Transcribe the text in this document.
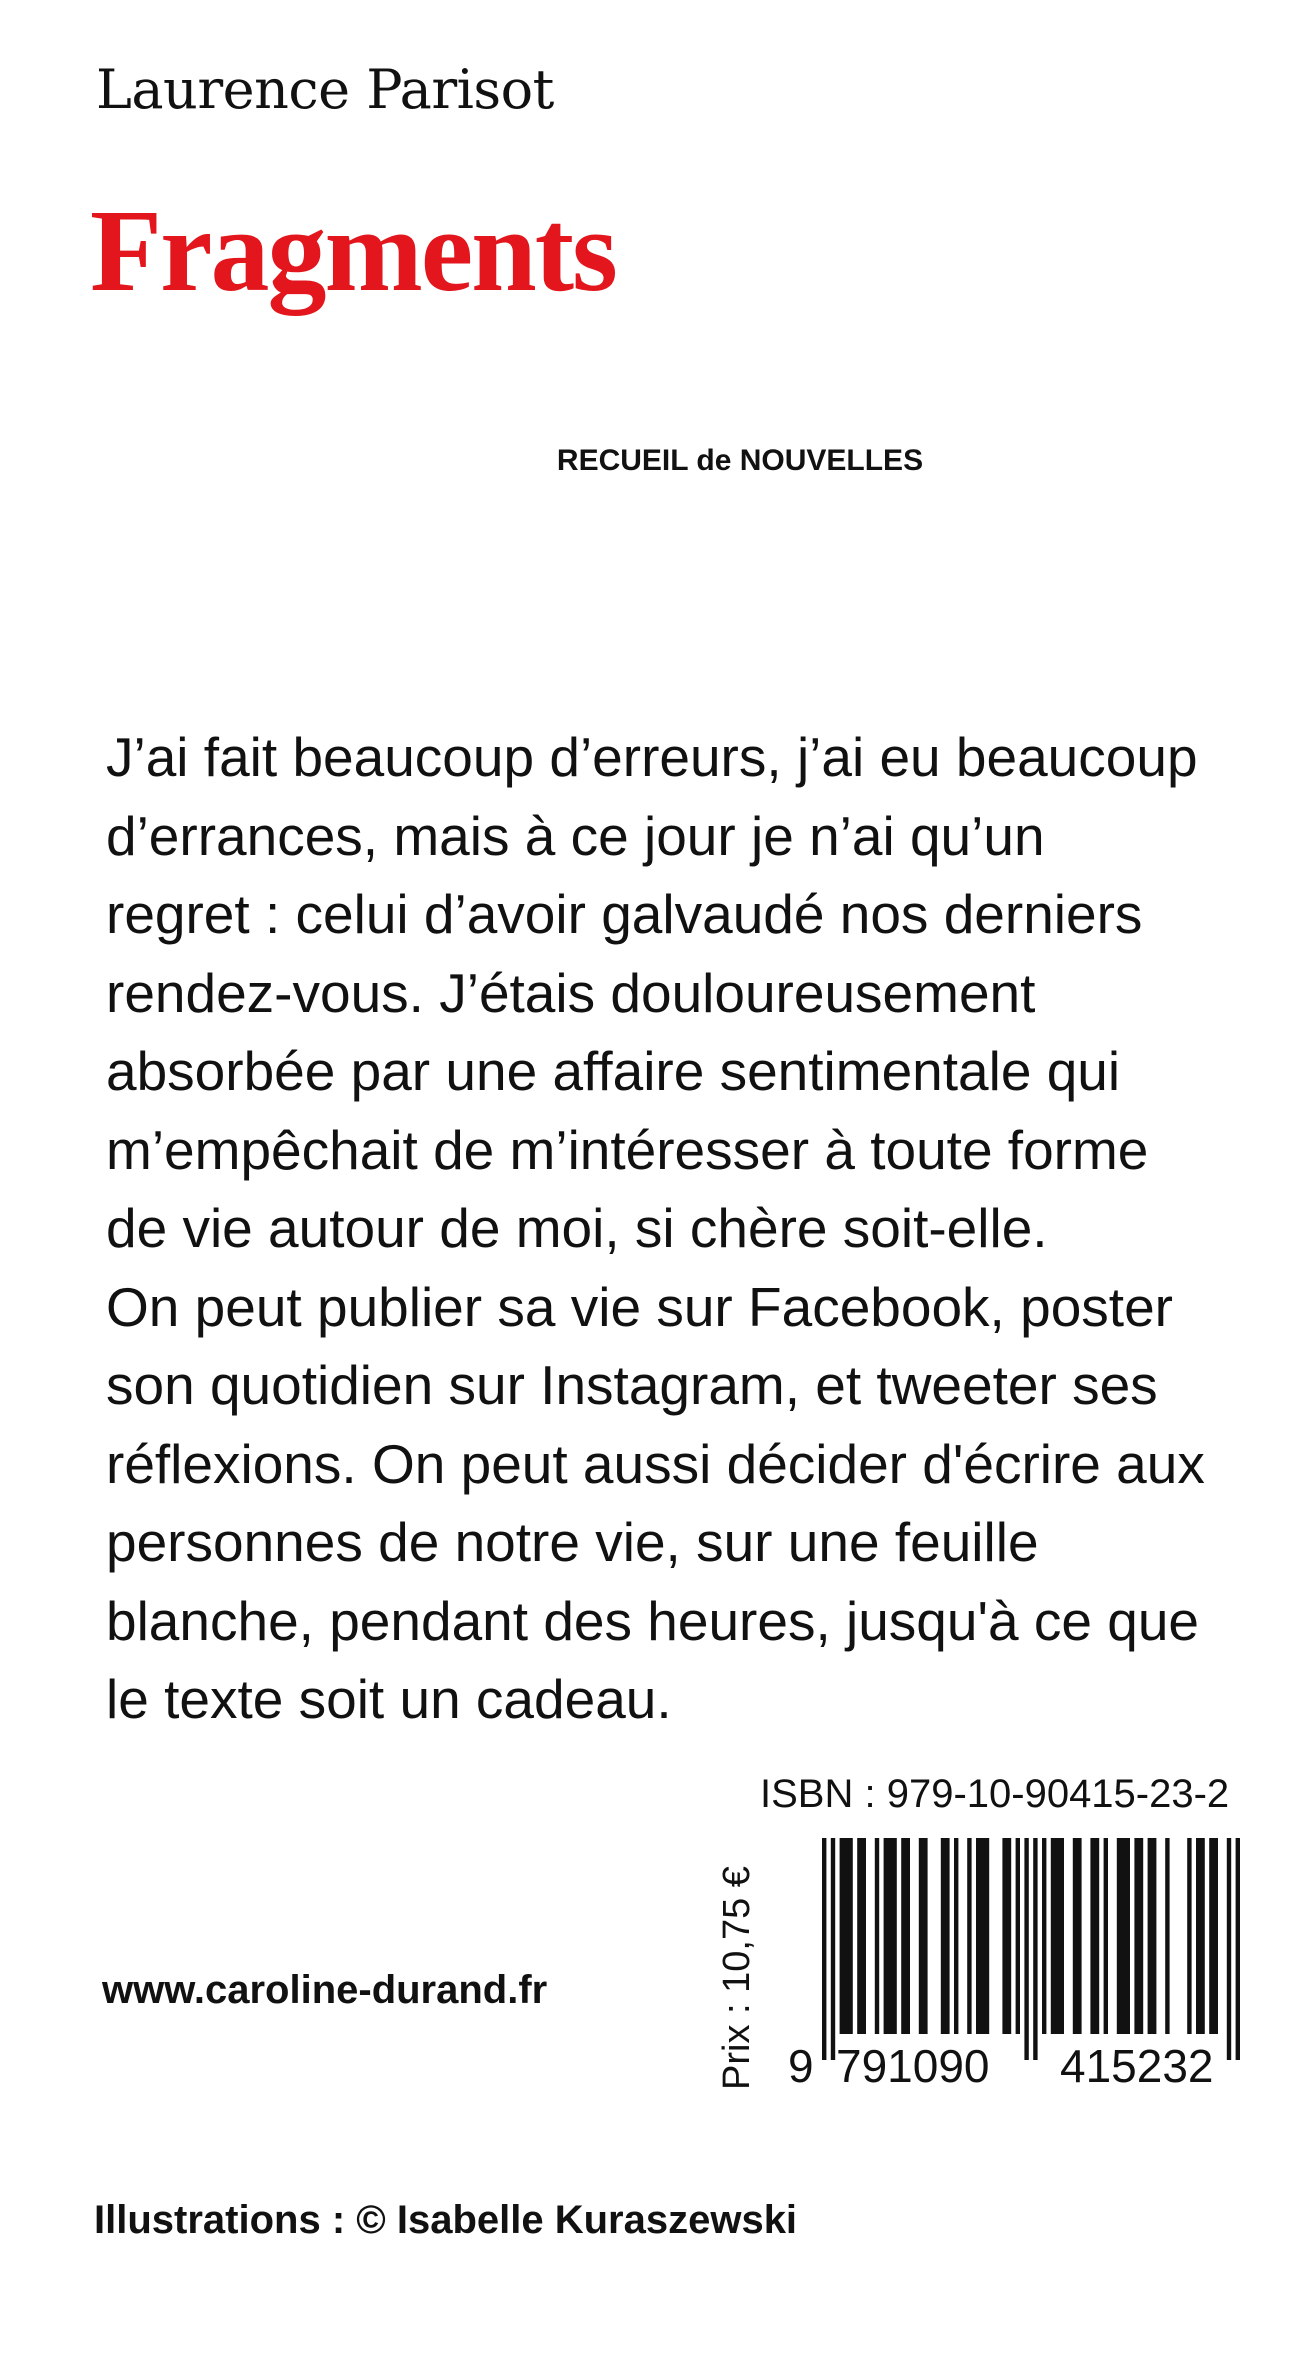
Laurence Parisot
Fragments
RECUEIL de NOUVELLES
J’ai fait beaucoup d’erreurs, j’ai eu beaucoup
d’errances, mais à ce jour je n’ai qu’un
regret : celui d’avoir galvaudé nos derniers
rendez-vous. J’étais douloureusement
absorbée par une affaire sentimentale qui
m’empêchait de m’intéresser à toute forme
de vie autour de moi, si chère soit-elle.
On peut publier sa vie sur Facebook, poster
son quotidien sur Instagram, et tweeter ses
réflexions. On peut aussi décider d'écrire aux
personnes de notre vie, sur une feuille
blanche, pendant des heures, jusqu'à ce que
le texte soit un cadeau.
ISBN : 979-10-90415-23-2
Prix : 10,75 € 9 791090 415232
www.caroline-durand.fr
Illustrations : © Isabelle Kuraszewski
